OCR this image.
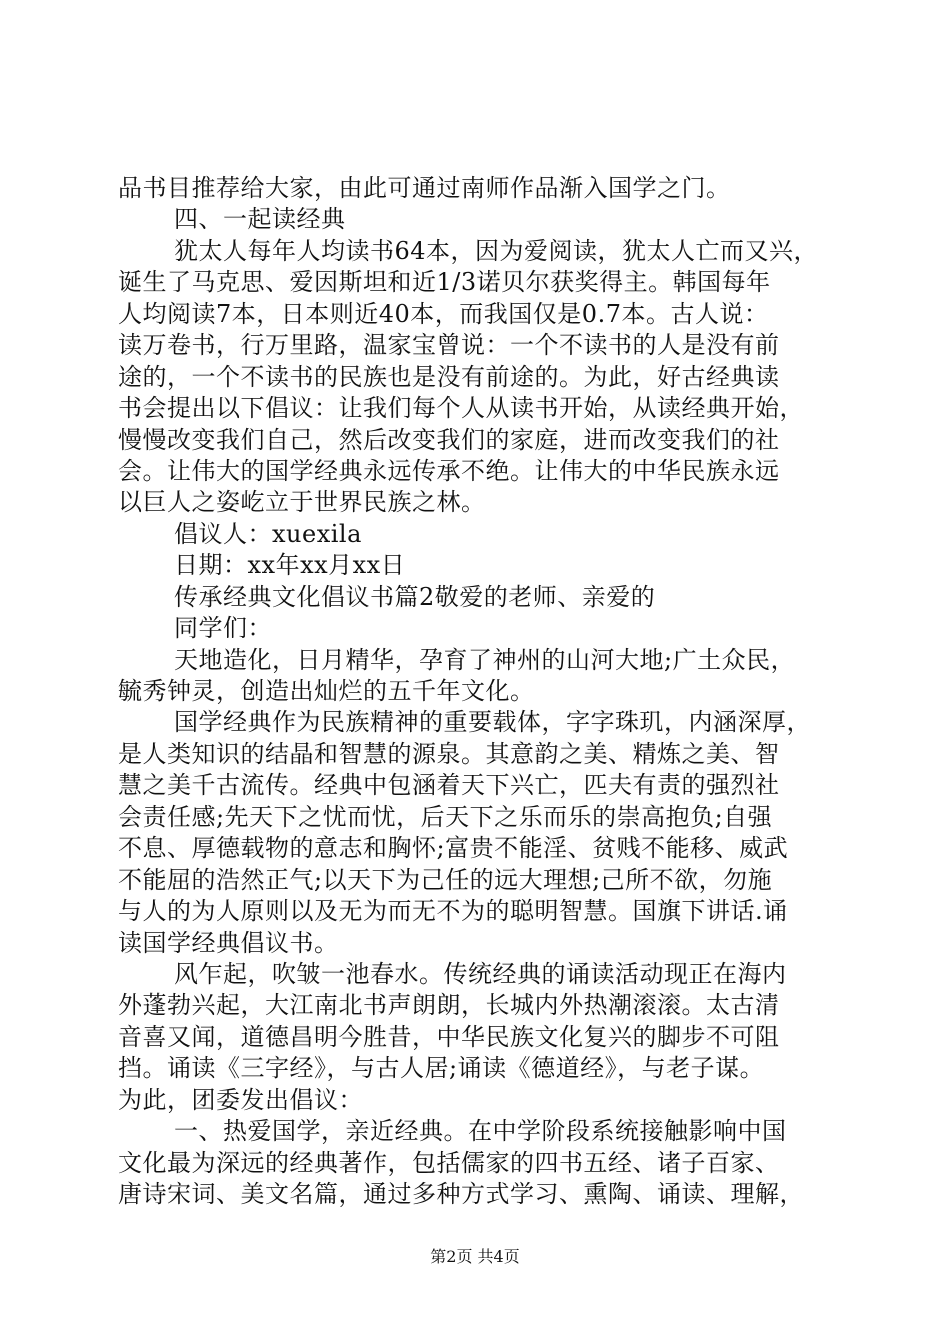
品书目推荐给大家，由此可通过南师作品渐入国学之门。
四、一起读经典
犹太人每年人均读书64本，因为爱阅读，犹太人亡而又兴，
诞生了马克思、爱因斯坦和近1/3诺贝尔获奖得主。韩国每年
人均阅读7本，日本则近40本，而我国仅是0.7本。古人说：
读万卷书，行万里路，温家宝曾说：一个不读书的人是没有前
途的，一个不读书的民族也是没有前途的。为此，好古经典读
书会提出以下倡议：让我们每个人从读书开始，从读经典开始，
慢慢改变我们自己，然后改变我们的家庭，进而改变我们的社
会。让伟大的国学经典永远传承不绝。让伟大的中华民族永远
以巨人之姿屹立于世界民族之林。
倡议人：xuexila
日期：xx年xx月xx日
传承经典文化倡议书篇2敬爱的老师、亲爱的
同学们：
天地造化，日月精华，孕育了神州的山河大地;广土众民，
毓秀钟灵，创造出灿烂的五千年文化。
国学经典作为民族精神的重要载体，字字珠玑，内涵深厚，
是人类知识的结晶和智慧的源泉。其意韵之美、精炼之美、智
慧之美千古流传。经典中包涵着天下兴亡，匹夫有责的强烈社
会责任感;先天下之忧而忧，后天下之乐而乐的崇高抱负;自强
不息、厚德载物的意志和胸怀;富贵不能淫、贫贱不能移、威武
不能屈的浩然正气;以天下为己任的远大理想;己所不欲，勿施
与人的为人原则以及无为而无不为的聪明智慧。国旗下讲话.诵
读国学经典倡议书。
风乍起，吹皱一池春水。传统经典的诵读活动现正在海内
外蓬勃兴起，大江南北书声朗朗，长城内外热潮滚滚。太古清
音喜又闻，道德昌明今胜昔，中华民族文化复兴的脚步不可阻
挡。诵读《三字经》，与古人居;诵读《德道经》，与老子谋。
为此，团委发出倡议：
一、热爱国学，亲近经典。在中学阶段系统接触影响中国
文化最为深远的经典著作，包括儒家的四书五经、诸子百家、
唐诗宋词、美文名篇，通过多种方式学习、熏陶、诵读、理解，
第2页 共4页
